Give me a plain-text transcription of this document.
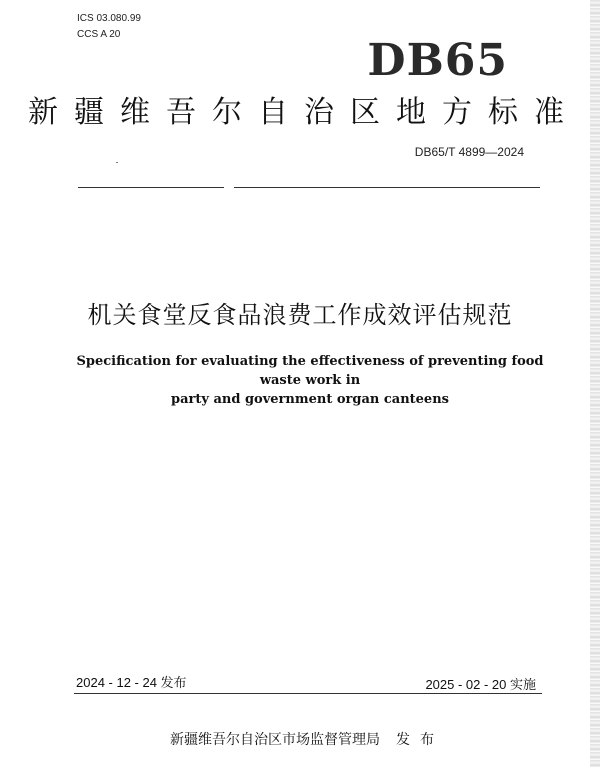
ICS 03.080.99
CCS A 20
DB65
新疆维吾尔自治区地方标准
DB65/T 4899—2024
机关食堂反食品浪费工作成效评估规范
Specification for evaluating the effectiveness of preventing food waste work in
party and government organ canteens
2024 - 12 - 24 发布	2025 - 02 - 20 实施
新疆维吾尔自治区市场监督管理局 发布
